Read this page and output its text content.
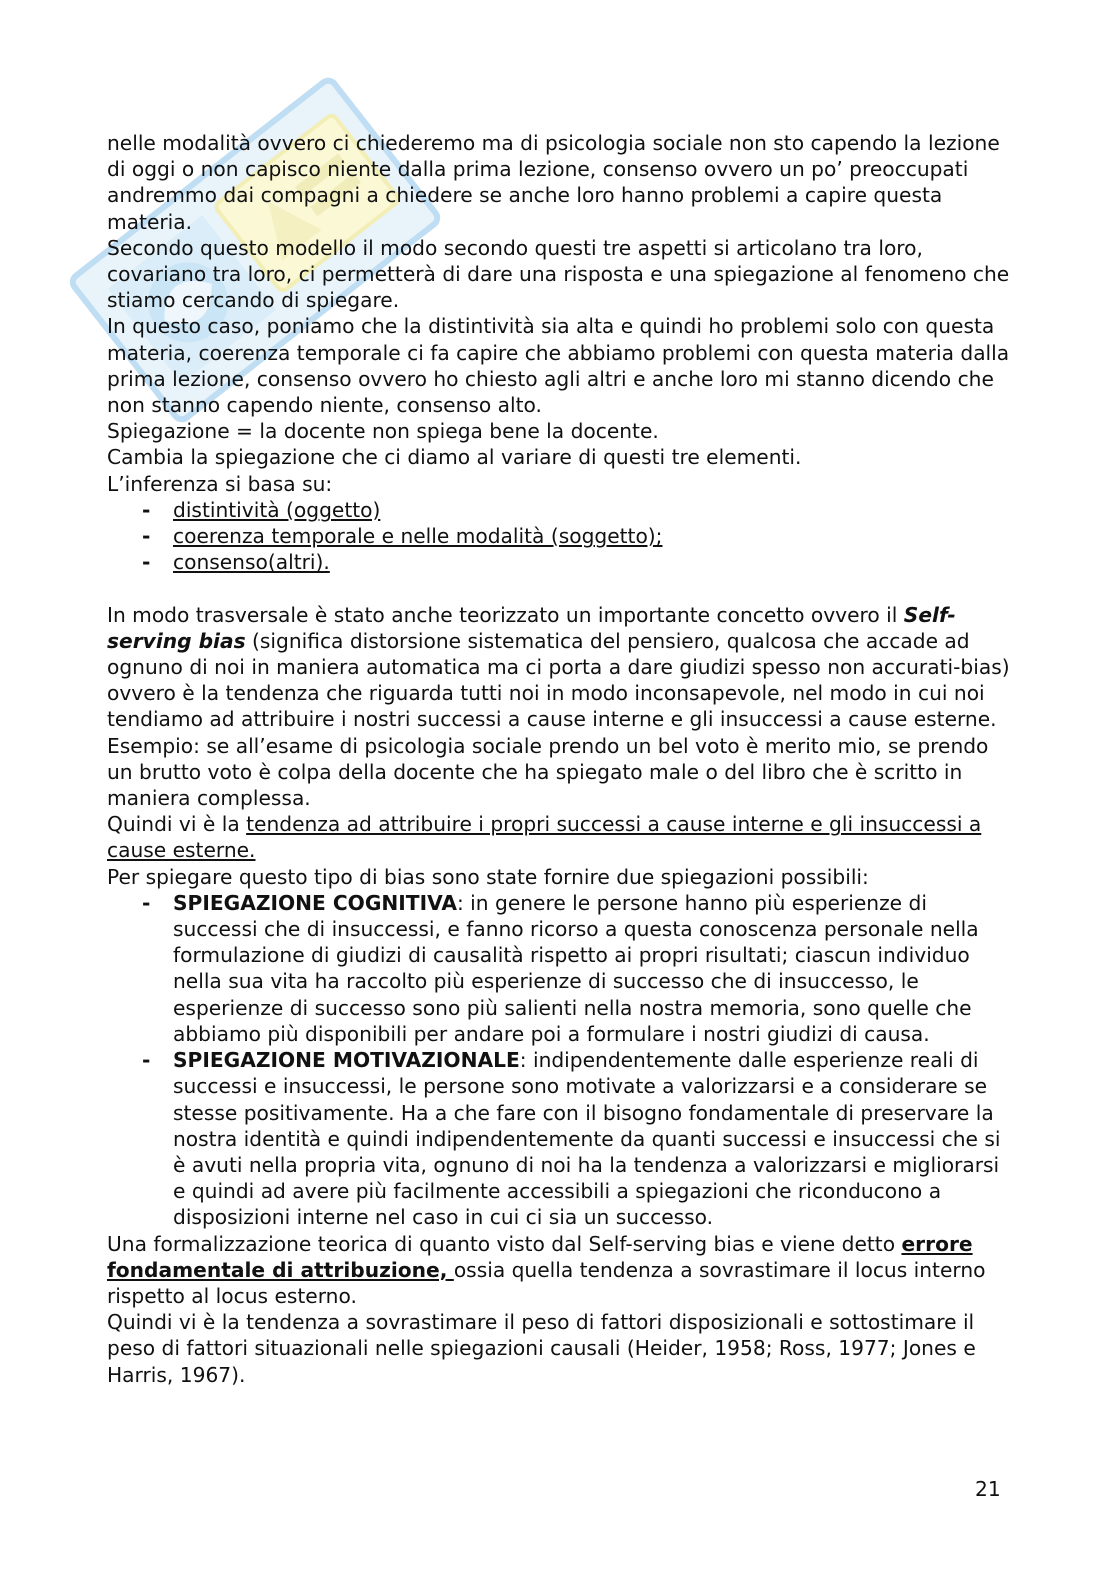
nelle modalità ovvero ci chiederemo ma di psicologia sociale non sto capendo la lezione di oggi o non capisco niente dalla prima lezione, consenso ovvero un po’ preoccupati andremmo dai compagni a chiedere se anche loro hanno problemi a capire questa materia.

Secondo questo modello il modo secondo questi tre aspetti si articolano tra loro, covariano tra loro, ci permetterà di dare una risposta e una spiegazione al fenomeno che stiamo cercando di spiegare.

In questo caso, poniamo che la distintività sia alta e quindi ho problemi solo con questa materia, coerenza temporale ci fa capire che abbiamo problemi con questa materia dalla prima lezione, consenso ovvero ho chiesto agli altri e anche loro mi stanno dicendo che non stanno capendo niente, consenso alto.

Spiegazione = la docente non spiega bene la docente.

Cambia la spiegazione che ci diamo al variare di questi tre elementi.

L’inferenza si basa su:

- distintività (oggetto)
- coerenza temporale e nelle modalità (soggetto);
- consenso(altri).

In modo trasversale è stato anche teorizzato un importante concetto ovvero il Self-serving bias (significa distorsione sistematica del pensiero, qualcosa che accade ad ognuno di noi in maniera automatica ma ci porta a dare giudizi spesso non accurati-bias) ovvero è la tendenza che riguarda tutti noi in modo inconsapevole, nel modo in cui noi tendiamo ad attribuire i nostri successi a cause interne e gli insuccessi a cause esterne. Esempio: se all’esame di psicologia sociale prendo un bel voto è merito mio, se prendo un brutto voto è colpa della docente che ha spiegato male o del libro che è scritto in maniera complessa.

Quindi vi è la tendenza ad attribuire i propri successi a cause interne e gli insuccessi a cause esterne.

Per spiegare questo tipo di bias sono state fornire due spiegazioni possibili:

- SPIEGAZIONE COGNITIVA: in genere le persone hanno più esperienze di successi che di insuccessi, e fanno ricorso a questa conoscenza personale nella formulazione di giudizi di causalità rispetto ai propri risultati; ciascun individuo nella sua vita ha raccolto più esperienze di successo che di insuccesso, le esperienze di successo sono più salienti nella nostra memoria, sono quelle che abbiamo più disponibili per andare poi a formulare i nostri giudizi di causa.
- SPIEGAZIONE MOTIVAZIONALE: indipendentemente dalle esperienze reali di successi e insuccessi, le persone sono motivate a valorizzarsi e a considerare se stesse positivamente. Ha a che fare con il bisogno fondamentale di preservare la nostra identità e quindi indipendentemente da quanti successi e insuccessi che si è avuti nella propria vita, ognuno di noi ha la tendenza a valorizzarsi e migliorarsi e quindi ad avere più facilmente accessibili a spiegazioni che riconducono a disposizioni interne nel caso in cui ci sia un successo.

Una formalizzazione teorica di quanto visto dal Self-serving bias e viene detto errore fondamentale di attribuzione, ossia quella tendenza a sovrastimare il locus interno rispetto al locus esterno.

Quindi vi è la tendenza a sovrastimare il peso di fattori disposizionali e sottostimare il peso di fattori situazionali nelle spiegazioni causali (Heider, 1958; Ross, 1977; Jones e Harris, 1967).

21
